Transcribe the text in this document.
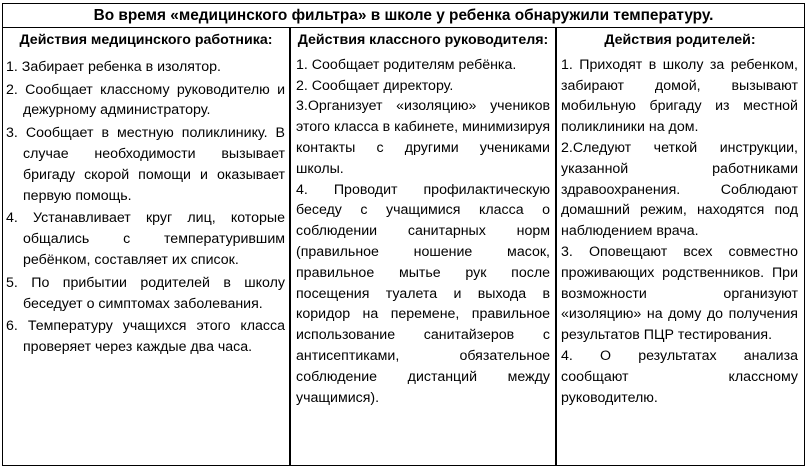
Во время «медицинского фильтра» в школе у ребенка обнаружили температуру.
Действия медицинского работника:
1. Забирает ребенка в изолятор.
2. Сообщает классному руководителю и дежурному администратору.
3. Сообщает в местную поликлинику. В случае необходимости вызывает бригаду скорой помощи и оказывает первую помощь.
4. Устанавливает круг лиц, которые общались с температурившим ребёнком, составляет их список.
5. По прибытии родителей в школу беседует о симптомах заболевания.
6. Температуру учащихся этого класса проверяет через каждые два часа.
Действия классного руководителя:
1. Сообщает родителям ребёнка.
2. Сообщает директору.
3.Организует «изоляцию» учеников этого класса в кабинете, минимизируя контакты с другими учениками школы.
4. Проводит профилактическую беседу с учащимися класса о соблюдении санитарных норм (правильное ношение масок, правильное мытье рук после посещения туалета и выхода в коридор на перемене, правильное использование санитайзеров с антисептиками, обязательное соблюдение дистанций между учащимися).
Действия родителей:
1. Приходят в школу за ребенком, забирают домой, вызывают мобильную бригаду из местной поликлиники на дом.
2.Следуют четкой инструкции, указанной работниками здравоохранения. Соблюдают домашний режим, находятся под наблюдением врача.
3. Оповещают всех совместно проживающих родственников. При возможности организуют «изоляцию» на дому до получения результатов ПЦР тестирования.
4. О результатах анализа сообщают классному руководителю.
